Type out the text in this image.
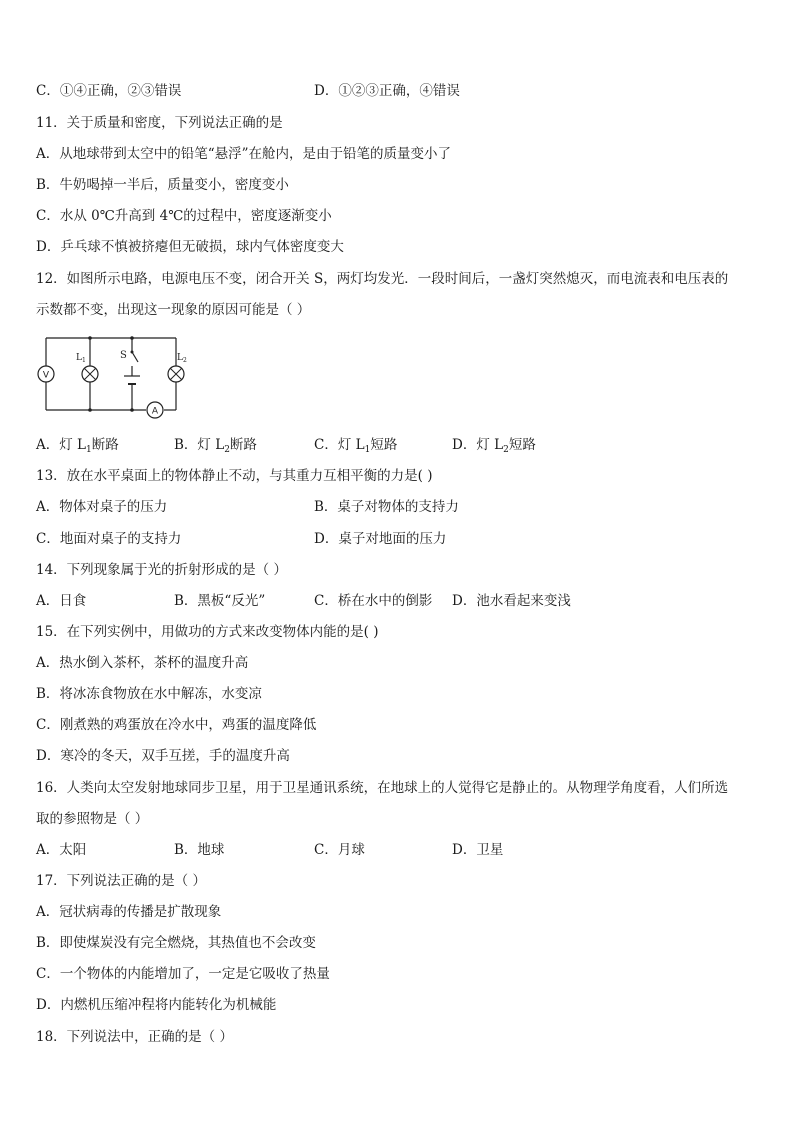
C．①④正确，②③错误	D．①②③正确，④错误
11．关于质量和密度，下列说法正确的是
A．从地球带到太空中的铅笔“悬浮”在舱内，是由于铅笔的质量变小了
B．牛奶喝掉一半后，质量变小，密度变小
C．水从 0℃升高到 4℃的过程中，密度逐渐变小
D．乒乓球不慎被挤瘪但无破损，球内气体密度变大
12．如图所示电路，电源电压不变，闭合开关 S，两灯均发光．一段时间后，一盏灯突然熄灭，而电流表和电压表的
示数都不变，出现这一现象的原因可能是（ ）
V
L 1	S	L 2
A
A．灯 $L_1$断路	B．灯 $L_2$断路	C．灯 $L_1$短路	D．灯 $L_2$短路
13．放在水平桌面上的物体静止不动，与其重力互相平衡的力是( )
A．物体对桌子的压力	B．桌子对物体的支持力
C．地面对桌子的支持力	D．桌子对地面的压力
14．下列现象属于光的折射形成的是（ ）
A．日食	B．黑板“反光”	C．桥在水中的倒影 D．池水看起来变浅
15．在下列实例中，用做功的方式来改变物体内能的是( )
A．热水倒入茶杯，茶杯的温度升高
B．将冰冻食物放在水中解冻，水变凉
C．刚煮熟的鸡蛋放在冷水中，鸡蛋的温度降低
D．寒冷的冬天，双手互搓，手的温度升高
16．人类向太空发射地球同步卫星，用于卫星通讯系统，在地球上的人觉得它是静止的。从物理学角度看，人们所选
取的参照物是（ ）
A．太阳	B．地球	C．月球	D．卫星
17．下列说法正确的是（ ）
A．冠状病毒的传播是扩散现象
B．即使煤炭没有完全燃烧，其热值也不会改变
C．一个物体的内能增加了，一定是它吸收了热量
D．内燃机压缩冲程将内能转化为机械能
18．下列说法中，正确的是（ ）
